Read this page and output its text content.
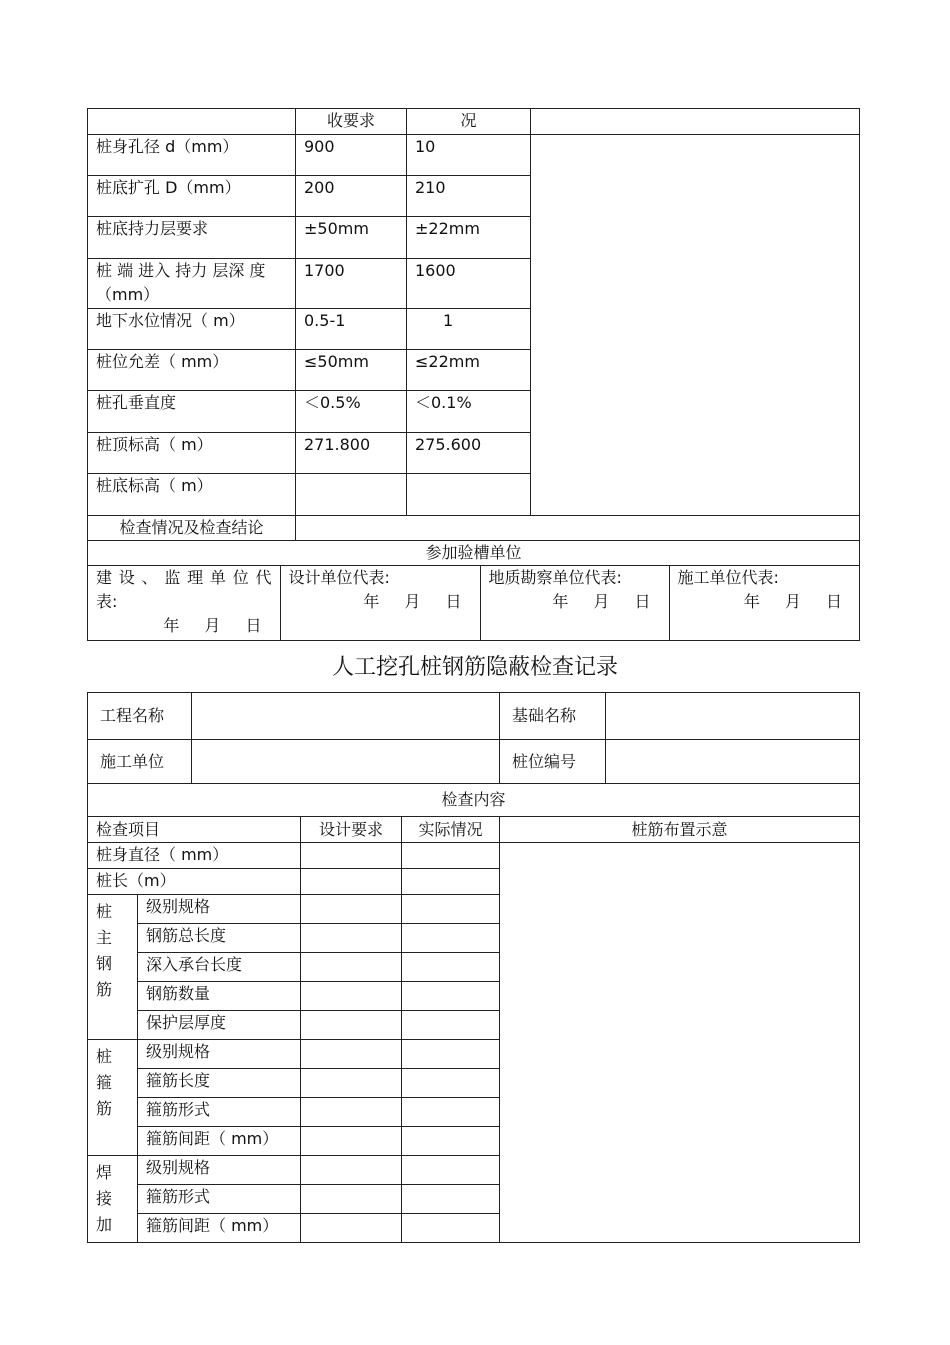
	收要求	况	
桩身孔径 d（mm）	900	10	
桩底扩孔 D（mm）	200	210
桩底持力层要求	±50mm	±22mm
桩 端 进入 持力 层深 度（mm）	1700	1600
地下水位情况（ m）	0.5-1	1
桩位允差（ mm）	≤50mm	≤22mm
桩孔垂直度	＜0.5%	＜0.1%
桩顶标高（ m）	271.800	275.600
桩底标高（ m）		
检查情况及检查结论	
参加验槽单位

建 设 、 监 理 单 位 代 表:
年 月 日

设计单位代表:
年 月 日

地质勘察单位代表:
年 月 日

施工单位代表:
年 月 日
人工挖孔桩钢筋隐蔽检查记录
工程名称					基础名称	
施工单位					桩位编号	
检查内容						
检查项目			设计要求	实际情况	桩筋布置示意	
桩身直径（ mm）						
桩长（m）						

桩
主
钢
筋	级别规格					
	钢筋总长度					
	深入承台长度					
	钢筋数量					
	保护层厚度					

桩
箍
筋	级别规格					
	箍筋长度					
	箍筋形式					
	箍筋间距（ mm）					

焊
接
加	级别规格					
	箍筋形式					
	箍筋间距（ mm）					
